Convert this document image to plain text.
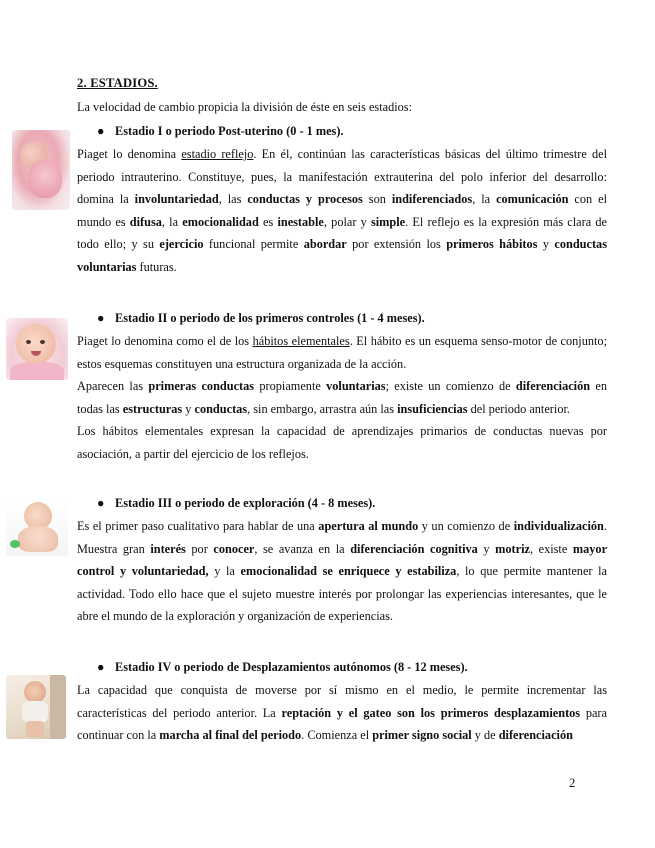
2. ESTADIOS.
La velocidad de cambio propicia la división de éste en seis estadios:
● Estadio I o periodo Post-uterino (0 - 1 mes).
Piaget lo denomina estadio reflejo. En él, continúan las características básicas del último trimestre del periodo intrauterino. Constituye, pues, la manifestación extrauterina del polo inferior del desarrollo: domina la involuntariedad, las conductas y procesos son indiferenciados, la comunicación con el mundo es difusa, la emocionalidad es inestable, polar y simple. El reflejo es la expresión más clara de todo ello; y su ejercicio funcional permite abordar por extensión los primeros hábitos y conductas voluntarias futuras.
● Estadio II o periodo de los primeros controles (1 - 4 meses).
Piaget lo denomina como el de los hábitos elementales. El hábito es un esquema senso-motor de conjunto; estos esquemas constituyen una estructura organizada de la acción.
Aparecen las primeras conductas propiamente voluntarias; existe un comienzo de diferenciación en todas las estructuras y conductas, sin embargo, arrastra aún las insuficiencias del periodo anterior.
Los hábitos elementales expresan la capacidad de aprendizajes primarios de conductas nuevas por asociación, a partir del ejercicio de los reflejos.
● Estadio III o periodo de exploración (4 - 8 meses).
Es el primer paso cualitativo para hablar de una apertura al mundo y un comienzo de individualización. Muestra gran interés por conocer, se avanza en la diferenciación cognitiva y motriz, existe mayor control y voluntariedad, y la emocionalidad se enriquece y estabiliza, lo que permite mantener la actividad. Todo ello hace que el sujeto muestre interés por prolongar las experiencias interesantes, que le abre el mundo de la exploración y organización de experiencias.
● Estadio IV o periodo de Desplazamientos autónomos (8 - 12 meses).
La capacidad que conquista de moverse por sí mismo en el medio, le permite incrementar las características del periodo anterior. La reptación y el gateo son los primeros desplazamientos para continuar con la marcha al final del periodo. Comienza el primer signo social y de diferenciación
2
